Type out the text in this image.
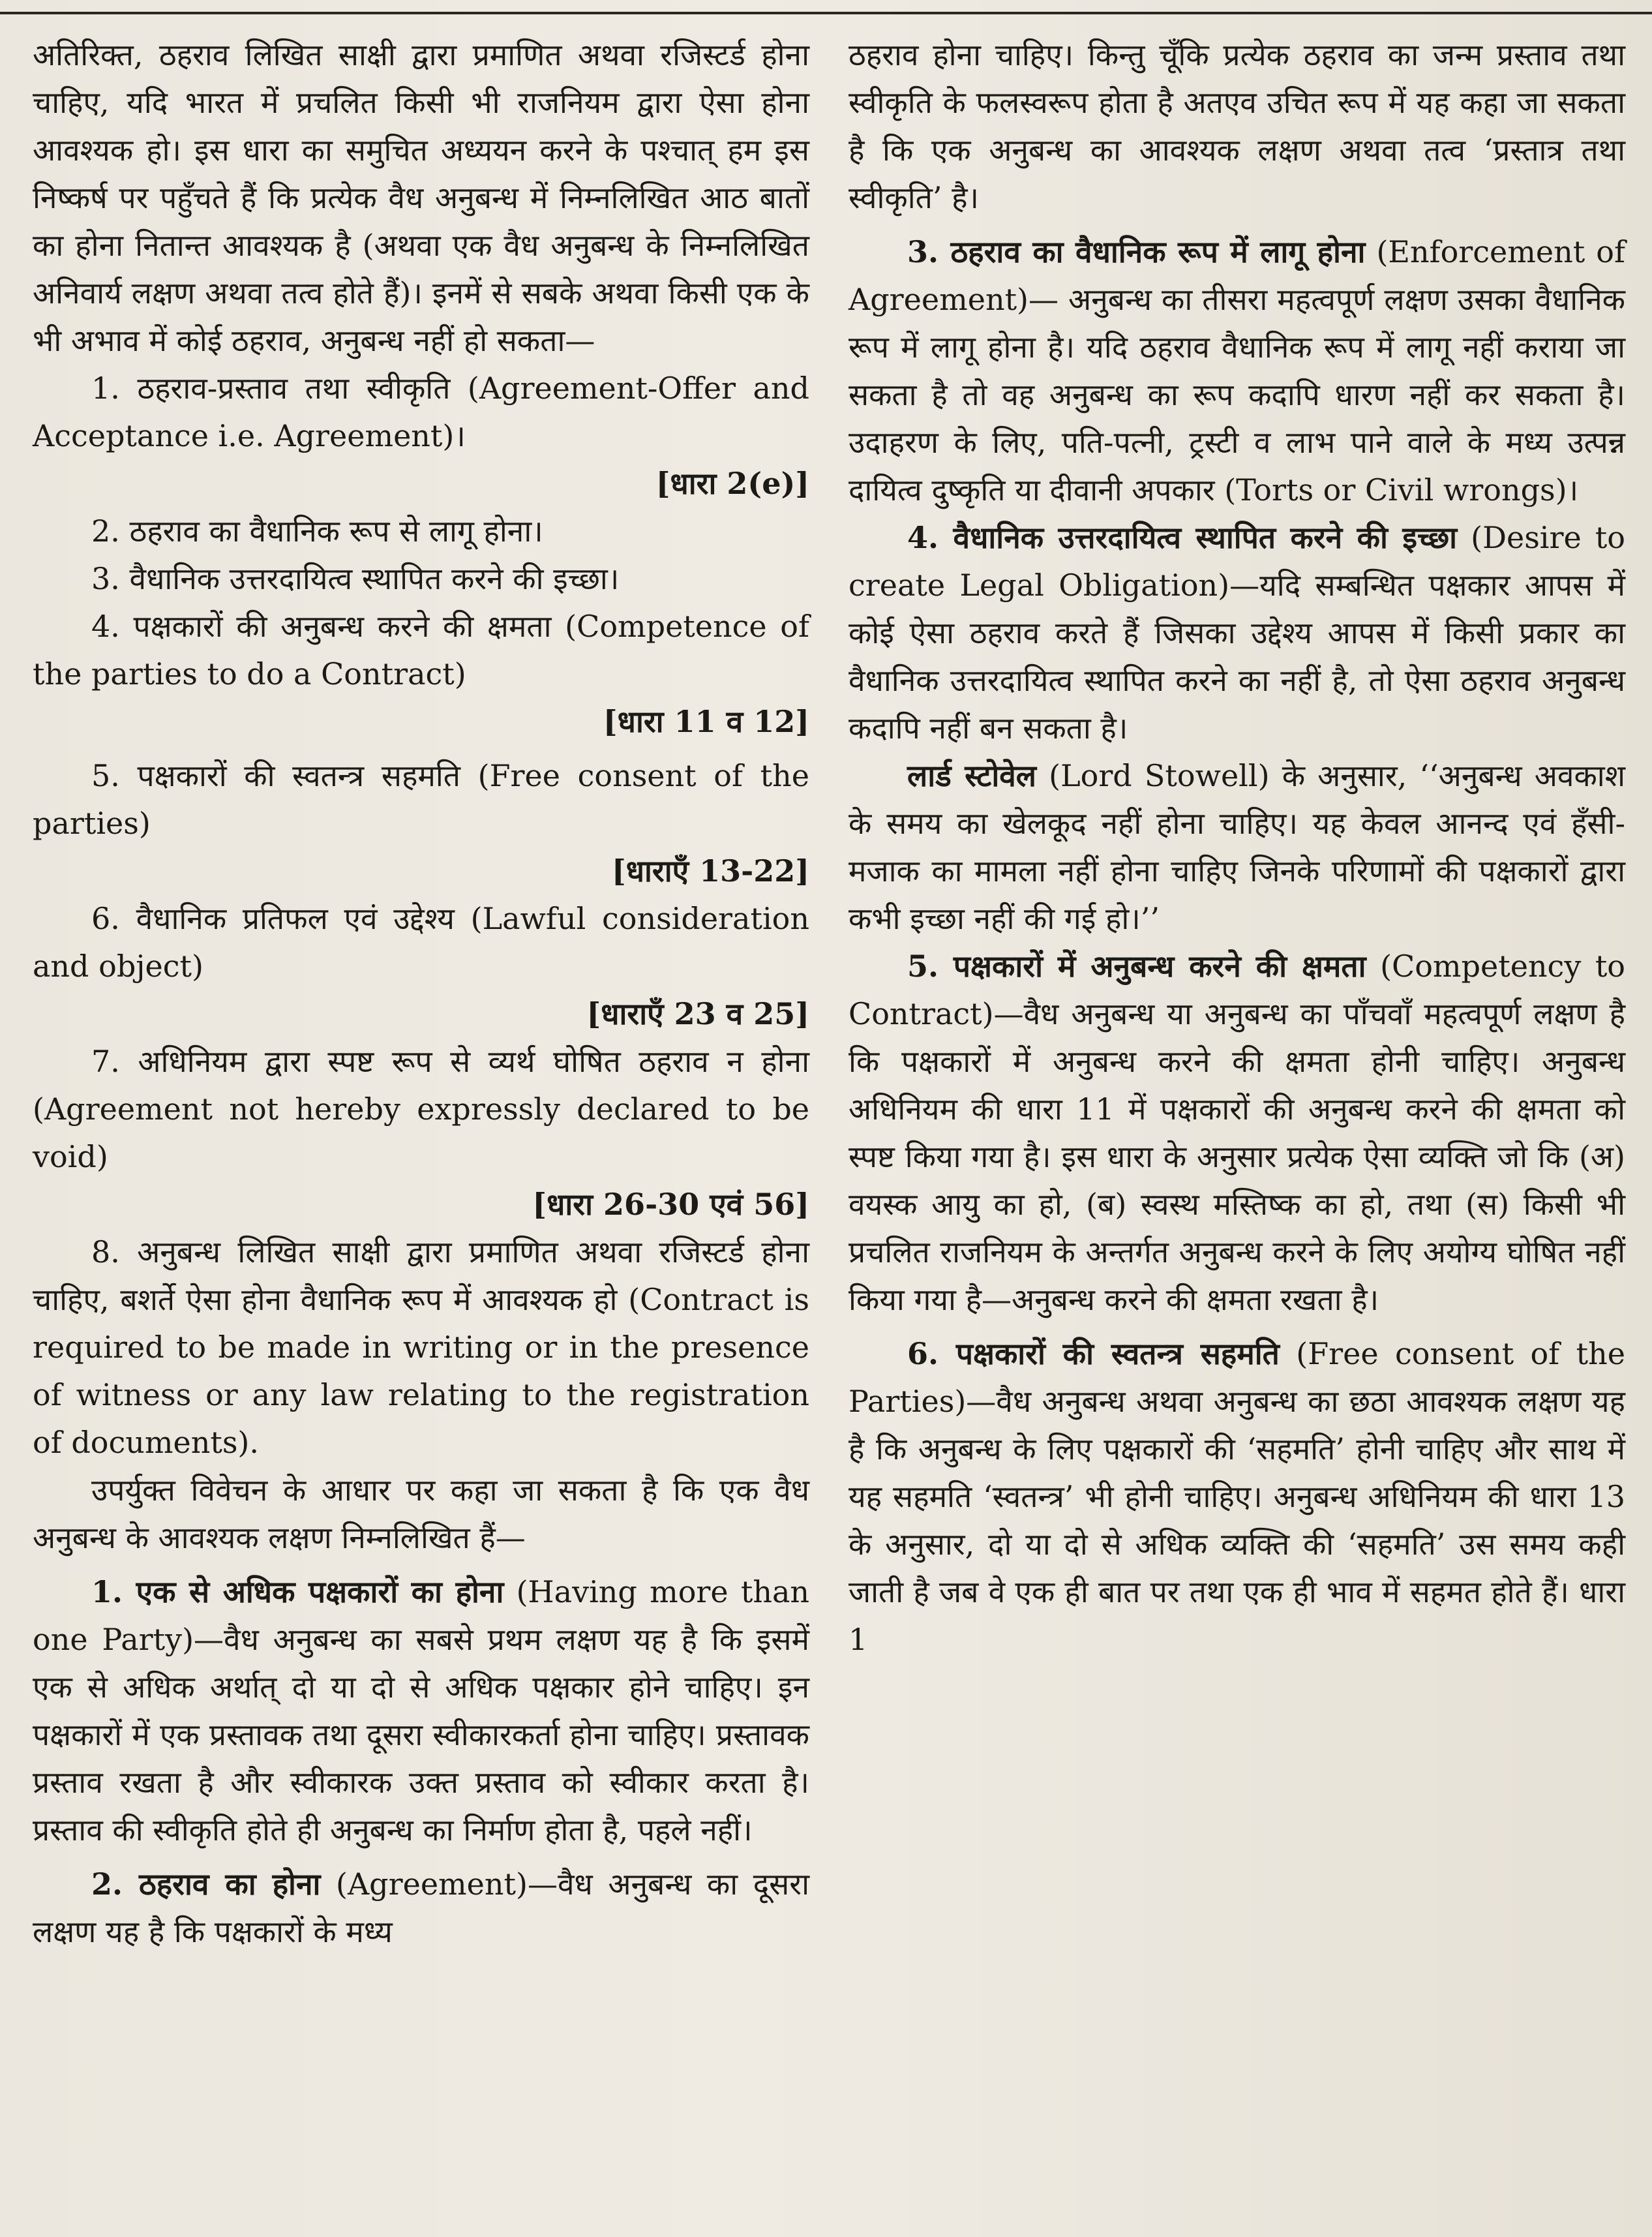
अतिरिक्त, ठहराव लिखित साक्षी द्वारा प्रमाणित अथवा रजिस्टर्ड होना चाहिए, यदि भारत में प्रचलित किसी भी राजनियम द्वारा ऐसा होना आवश्यक हो। इस धारा का समुचित अध्ययन करने के पश्चात् हम इस निष्कर्ष पर पहुँचते हैं कि प्रत्येक वैध अनुबन्ध में निम्नलिखित आठ बातों का होना नितान्त आवश्यक है (अथवा एक वैध अनुबन्ध के निम्नलिखित अनिवार्य लक्षण अथवा तत्व होते हैं)। इनमें से सबके अथवा किसी एक के भी अभाव में कोई ठहराव, अनुबन्ध नहीं हो सकता—

1. ठहराव-प्रस्ताव तथा स्वीकृति (Agreement-Offer and Acceptance i.e. Agreement)।

[धारा 2(e)]

2. ठहराव का वैधानिक रूप से लागू होना।

3. वैधानिक उत्तरदायित्व स्थापित करने की इच्छा।

4. पक्षकारों की अनुबन्ध करने की क्षमता (Competence of the parties to do a Contract)

[धारा 11 व 12]

5. पक्षकारों की स्वतन्त्र सहमति (Free consent of the parties)

[धाराएँ 13-22]

6. वैधानिक प्रतिफल एवं उद्देश्य (Lawful consideration and object)

[धाराएँ 23 व 25]

7. अधिनियम द्वारा स्पष्ट रूप से व्यर्थ घोषित ठहराव न होना (Agreement not hereby expressly declared to be void)

[धारा 26-30 एवं 56]

8. अनुबन्ध लिखित साक्षी द्वारा प्रमाणित अथवा रजिस्टर्ड होना चाहिए, बशर्ते ऐसा होना वैधानिक रूप में आवश्यक हो (Contract is required to be made in writing or in the presence of witness or any law relating to the registration of documents).

उपर्युक्त विवेचन के आधार पर कहा जा सकता है कि एक वैध अनुबन्ध के आवश्यक लक्षण निम्नलिखित हैं—

1. एक से अधिक पक्षकारों का होना (Having more than one Party)—वैध अनुबन्ध का सबसे प्रथम लक्षण यह है कि इसमें एक से अधिक अर्थात् दो या दो से अधिक पक्षकार होने चाहिए। इन पक्षकारों में एक प्रस्तावक तथा दूसरा स्वीकारकर्ता होना चाहिए। प्रस्तावक प्रस्ताव रखता है और स्वीकारक उक्त प्रस्ताव को स्वीकार करता है। प्रस्ताव की स्वीकृति होते ही अनुबन्ध का निर्माण होता है, पहले नहीं।

2. ठहराव का होना (Agreement)—वैध अनुबन्ध का दूसरा लक्षण यह है कि पक्षकारों के मध्य

ठहराव होना चाहिए। किन्तु चूँकि प्रत्येक ठहराव का जन्म प्रस्ताव तथा स्वीकृति के फलस्वरूप होता है अतएव उचित रूप में यह कहा जा सकता है कि एक अनुबन्ध का आवश्यक लक्षण अथवा तत्व ‘प्रस्तात्र तथा स्वीकृति’ है।

3. ठहराव का वैधानिक रूप में लागू होना (Enforcement of Agreement)— अनुबन्ध का तीसरा महत्वपूर्ण लक्षण उसका वैधानिक रूप में लागू होना है। यदि ठहराव वैधानिक रूप में लागू नहीं कराया जा सकता है तो वह अनुबन्ध का रूप कदापि धारण नहीं कर सकता है। उदाहरण के लिए, पति-पत्नी, ट्रस्टी व लाभ पाने वाले के मध्य उत्पन्न दायित्व दुष्कृति या दीवानी अपकार (Torts or Civil wrongs)।

4. वैधानिक उत्तरदायित्व स्थापित करने की इच्छा (Desire to create Legal Obligation)—यदि सम्बन्धित पक्षकार आपस में कोई ऐसा ठहराव करते हैं जिसका उद्देश्य आपस में किसी प्रकार का वैधानिक उत्तरदायित्व स्थापित करने का नहीं है, तो ऐसा ठहराव अनुबन्ध कदापि नहीं बन सकता है।

लार्ड स्टोवेल (Lord Stowell) के अनुसार, ‘‘अनुबन्ध अवकाश के समय का खेलकूद नहीं होना चाहिए। यह केवल आनन्द एवं हँसी-मजाक का मामला नहीं होना चाहिए जिनके परिणामों की पक्षकारों द्वारा कभी इच्छा नहीं की गई हो।’’

5. पक्षकारों में अनुबन्ध करने की क्षमता (Competency to Contract)—वैध अनुबन्ध या अनुबन्ध का पाँचवाँ महत्वपूर्ण लक्षण है कि पक्षकारों में अनुबन्ध करने की क्षमता होनी चाहिए। अनुबन्ध अधिनियम की धारा 11 में पक्षकारों की अनुबन्ध करने की क्षमता को स्पष्ट किया गया है। इस धारा के अनुसार प्रत्येक ऐसा व्यक्ति जो कि (अ) वयस्क आयु का हो, (ब) स्वस्थ मस्तिष्क का हो, तथा (स) किसी भी प्रचलित राजनियम के अन्तर्गत अनुबन्ध करने के लिए अयोग्य घोषित नहीं किया गया है—अनुबन्ध करने की क्षमता रखता है।

6. पक्षकारों की स्वतन्त्र सहमति (Free consent of the Parties)—वैध अनुबन्ध अथवा अनुबन्ध का छठा आवश्यक लक्षण यह है कि अनुबन्ध के लिए पक्षकारों की ‘सहमति’ होनी चाहिए और साथ में यह सहमति ‘स्वतन्त्र’ भी होनी चाहिए। अनुबन्ध अधिनियम की धारा 13 के अनुसार, दो या दो से अधिक व्यक्ति की ‘सहमति’ उस समय कही जाती है जब वे एक ही बात पर तथा एक ही भाव में सहमत होते हैं। धारा 1
